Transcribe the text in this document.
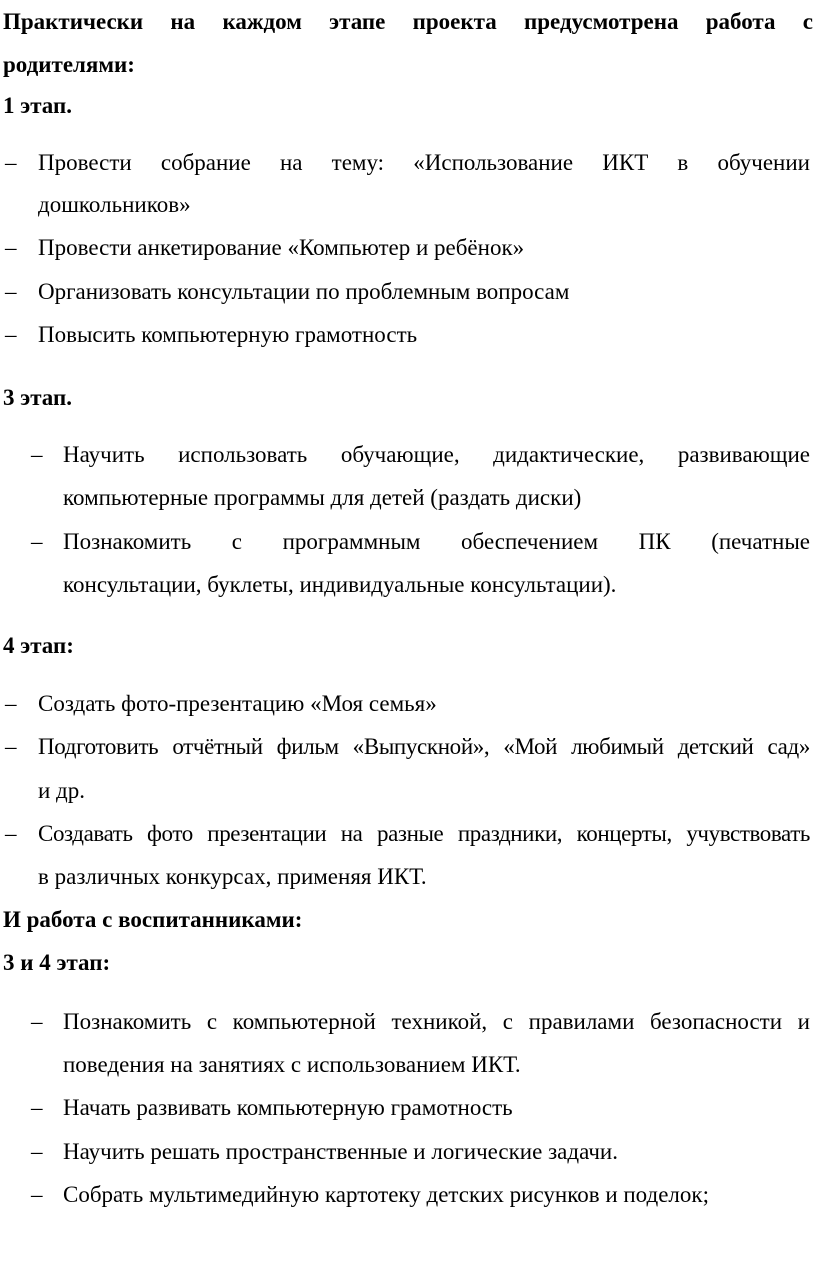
Практически на каждом этапе проекта предусмотрена работа с
родителями:
1 этап.
– Провести собрание на тему: «Использование ИКТ в обучении
дошкольников»
– Провести анкетирование «Компьютер и ребёнок»
– Организовать консультации по проблемным вопросам
– Повысить компьютерную грамотность
3 этап.
– Научить использовать обучающие, дидактические, развивающие
компьютерные программы для детей (раздать диски)
– Познакомить с программным обеспечением ПК (печатные
консультации, буклеты, индивидуальные консультации).
4 этап:
– Создать фото-презентацию «Моя семья»
– Подготовить отчётный фильм «Выпускной», «Мой любимый детский сад»
и др.
– Создавать фото презентации на разные праздники, концерты, учувствовать
в различных конкурсах, применяя ИКТ.
И работа с воспитанниками:
3 и 4 этап:
– Познакомить с компьютерной техникой, с правилами безопасности и
поведения на занятиях с использованием ИКТ.
– Начать развивать компьютерную грамотность
– Научить решать пространственные и логические задачи.
– Собрать мультимедийную картотеку детских рисунков и поделок;
